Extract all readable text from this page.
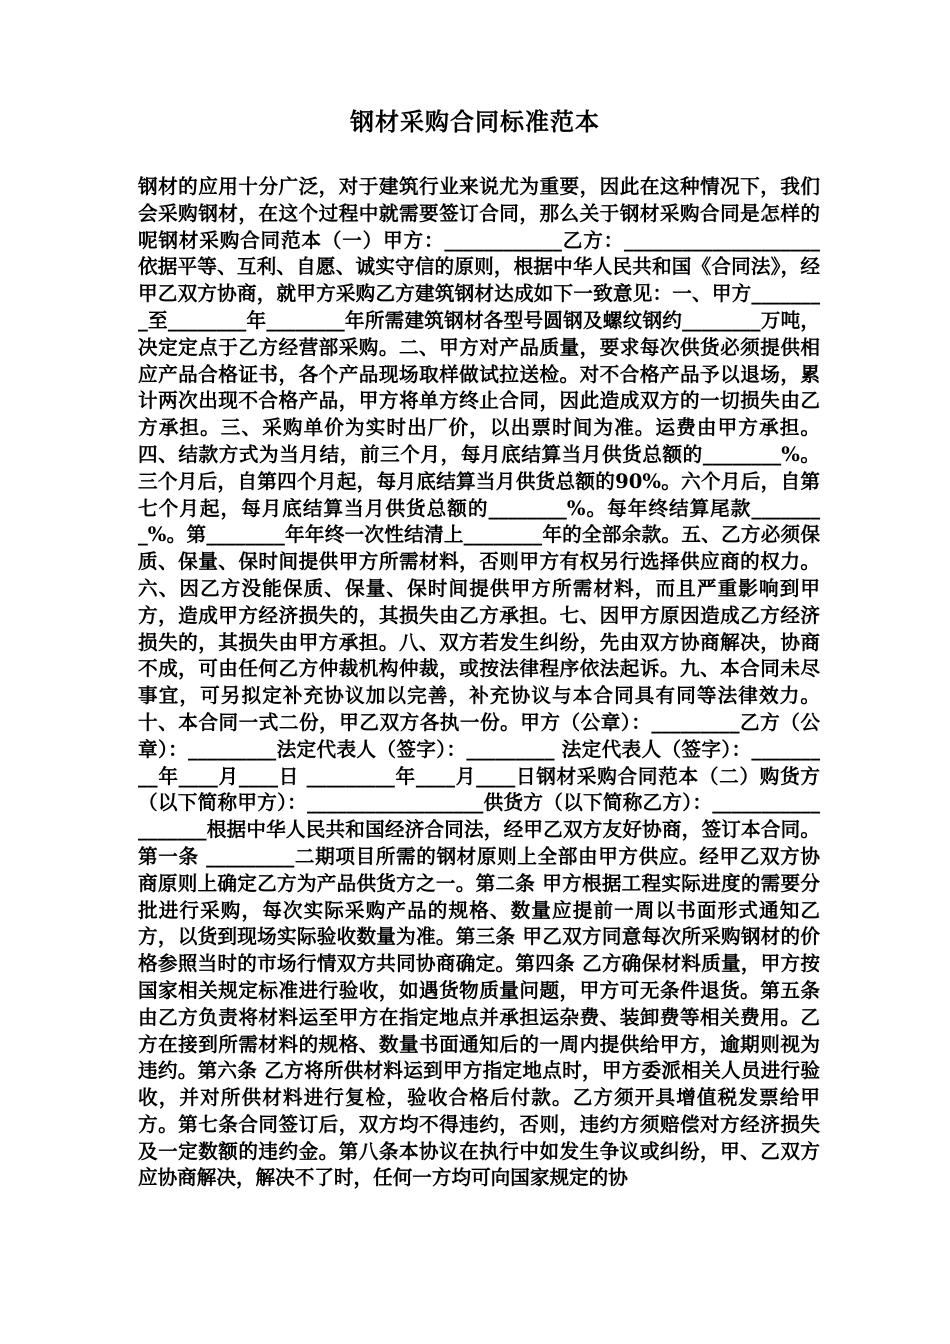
钢材采购合同标准范本
钢材的应用十分广泛，对于建筑行业来说尤为重要，因此在这种情况下，我们会采购钢材，在这个过程中就需要签订合同，那么关于钢材采购合同是怎样的呢钢材采购合同范本（一）甲方：____________乙方：____________________依据平等、互利、自愿、诚实守信的原则，根据中华人民共和国《合同法》，经甲乙双方协商，就甲方采购乙方建筑钢材达成如下一致意见：一、甲方________至________年________年所需建筑钢材各型号圆钢及螺纹钢约________万吨，决定定点于乙方经营部采购。二、甲方对产品质量，要求每次供货必须提供相应产品合格证书，各个产品现场取样做试拉送检。对不合格产品予以退场，累计两次出现不合格产品，甲方将单方终止合同，因此造成双方的一切损失由乙方承担。三、采购单价为实时出厂价，以出票时间为准。运费由甲方承担。四、结款方式为当月结，前三个月，每月底结算当月供货总额的________%。三个月后，自第四个月起，每月底结算当月供货总额的90%。六个月后，自第七个月起，每月底结算当月供货总额的________%。每年终结算尾款________%。第________年年终一次性结清上________年的全部余款。五、乙方必须保质、保量、保时间提供甲方所需材料，否则甲方有权另行选择供应商的权力。六、因乙方没能保质、保量、保时间提供甲方所需材料，而且严重影响到甲方，造成甲方经济损失的，其损失由乙方承担。七、因甲方原因造成乙方经济损失的，其损失由甲方承担。八、双方若发生纠纷，先由双方协商解决，协商不成，可由任何乙方仲裁机构仲裁，或按法律程序依法起诉。九、本合同未尽事宜，可另拟定补充协议加以完善，补充协议与本合同具有同等法律效力。十、本合同一式二份，甲乙双方各执一份。甲方（公章）：_________乙方（公章）：_________法定代表人（签字）：_________ 法定代表人（签字）：_________年____月____日 _________年____月____日钢材采购合同范本（二）购货方（以下简称甲方）：__________________供货方（以下简称乙方）：__________________根据中华人民共和国经济合同法，经甲乙双方友好协商，签订本合同。第一条 _________二期项目所需的钢材原则上全部由甲方供应。经甲乙双方协商原则上确定乙方为产品供货方之一。第二条 甲方根据工程实际进度的需要分批进行采购，每次实际采购产品的规格、数量应提前一周以书面形式通知乙方，以货到现场实际验收数量为准。第三条 甲乙双方同意每次所采购钢材的价格参照当时的市场行情双方共同协商确定。第四条 乙方确保材料质量，甲方按国家相关规定标准进行验收，如遇货物质量问题，甲方可无条件退货。第五条由乙方负责将材料运至甲方在指定地点并承担运杂费、装卸费等相关费用。乙方在接到所需材料的规格、数量书面通知后的一周内提供给甲方，逾期则视为违约。第六条 乙方将所供材料运到甲方指定地点时，甲方委派相关人员进行验收，并对所供材料进行复检，验收合格后付款。乙方须开具增值税发票给甲方。第七条合同签订后，双方均不得违约，否则，违约方须赔偿对方经济损失及一定数额的违约金。第八条本协议在执行中如发生争议或纠纷，甲、乙双方应协商解决，解决不了时，任何一方均可向国家规定的协
